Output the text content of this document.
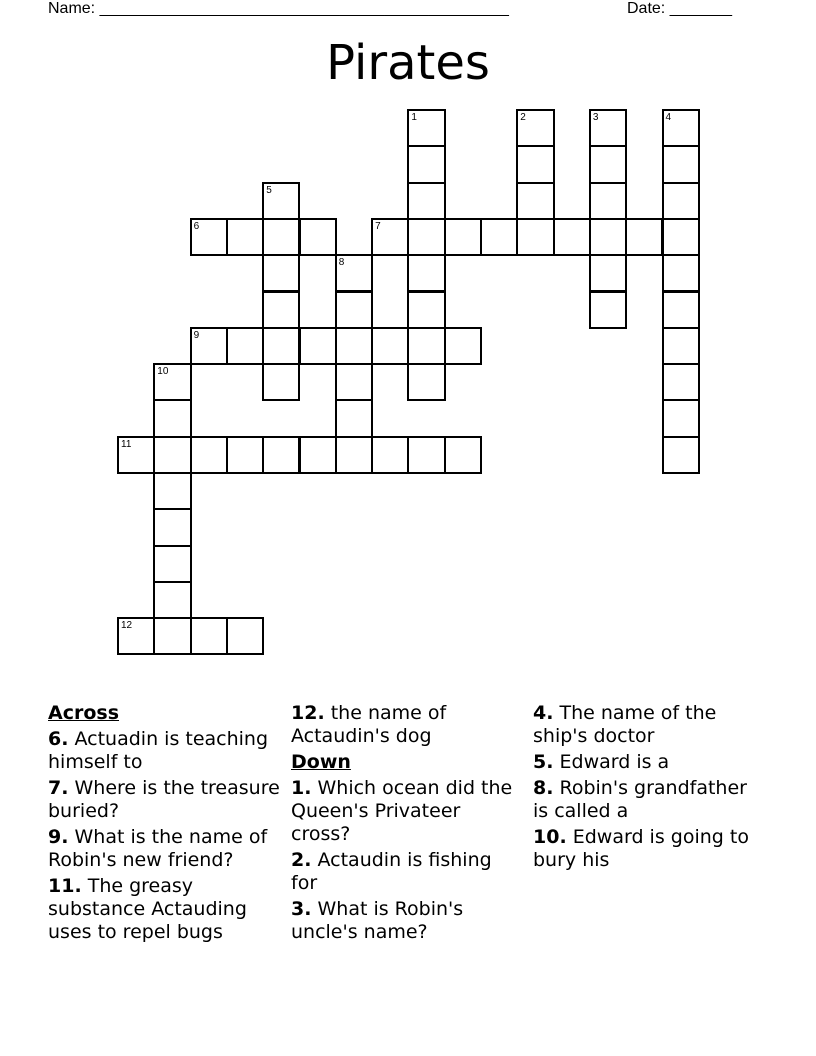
Name: ______________________________________________	Date: _______
Pirates
1	2	3	4
5
6	7
8
9
10
11
12
Across
6. Actuadin is teaching himself to
7. Where is the treasure buried?
9. What is the name of Robin's new friend?
11. The greasy substance Actauding uses to repel bugs
12. the name of Actaudin's dog
Down
1. Which ocean did the Queen's Privateer cross?
2. Actaudin is fishing for
3. What is Robin's uncle's name?
4. The name of the ship's doctor
5. Edward is a
8. Robin's grandfather is called a
10. Edward is going to bury his
